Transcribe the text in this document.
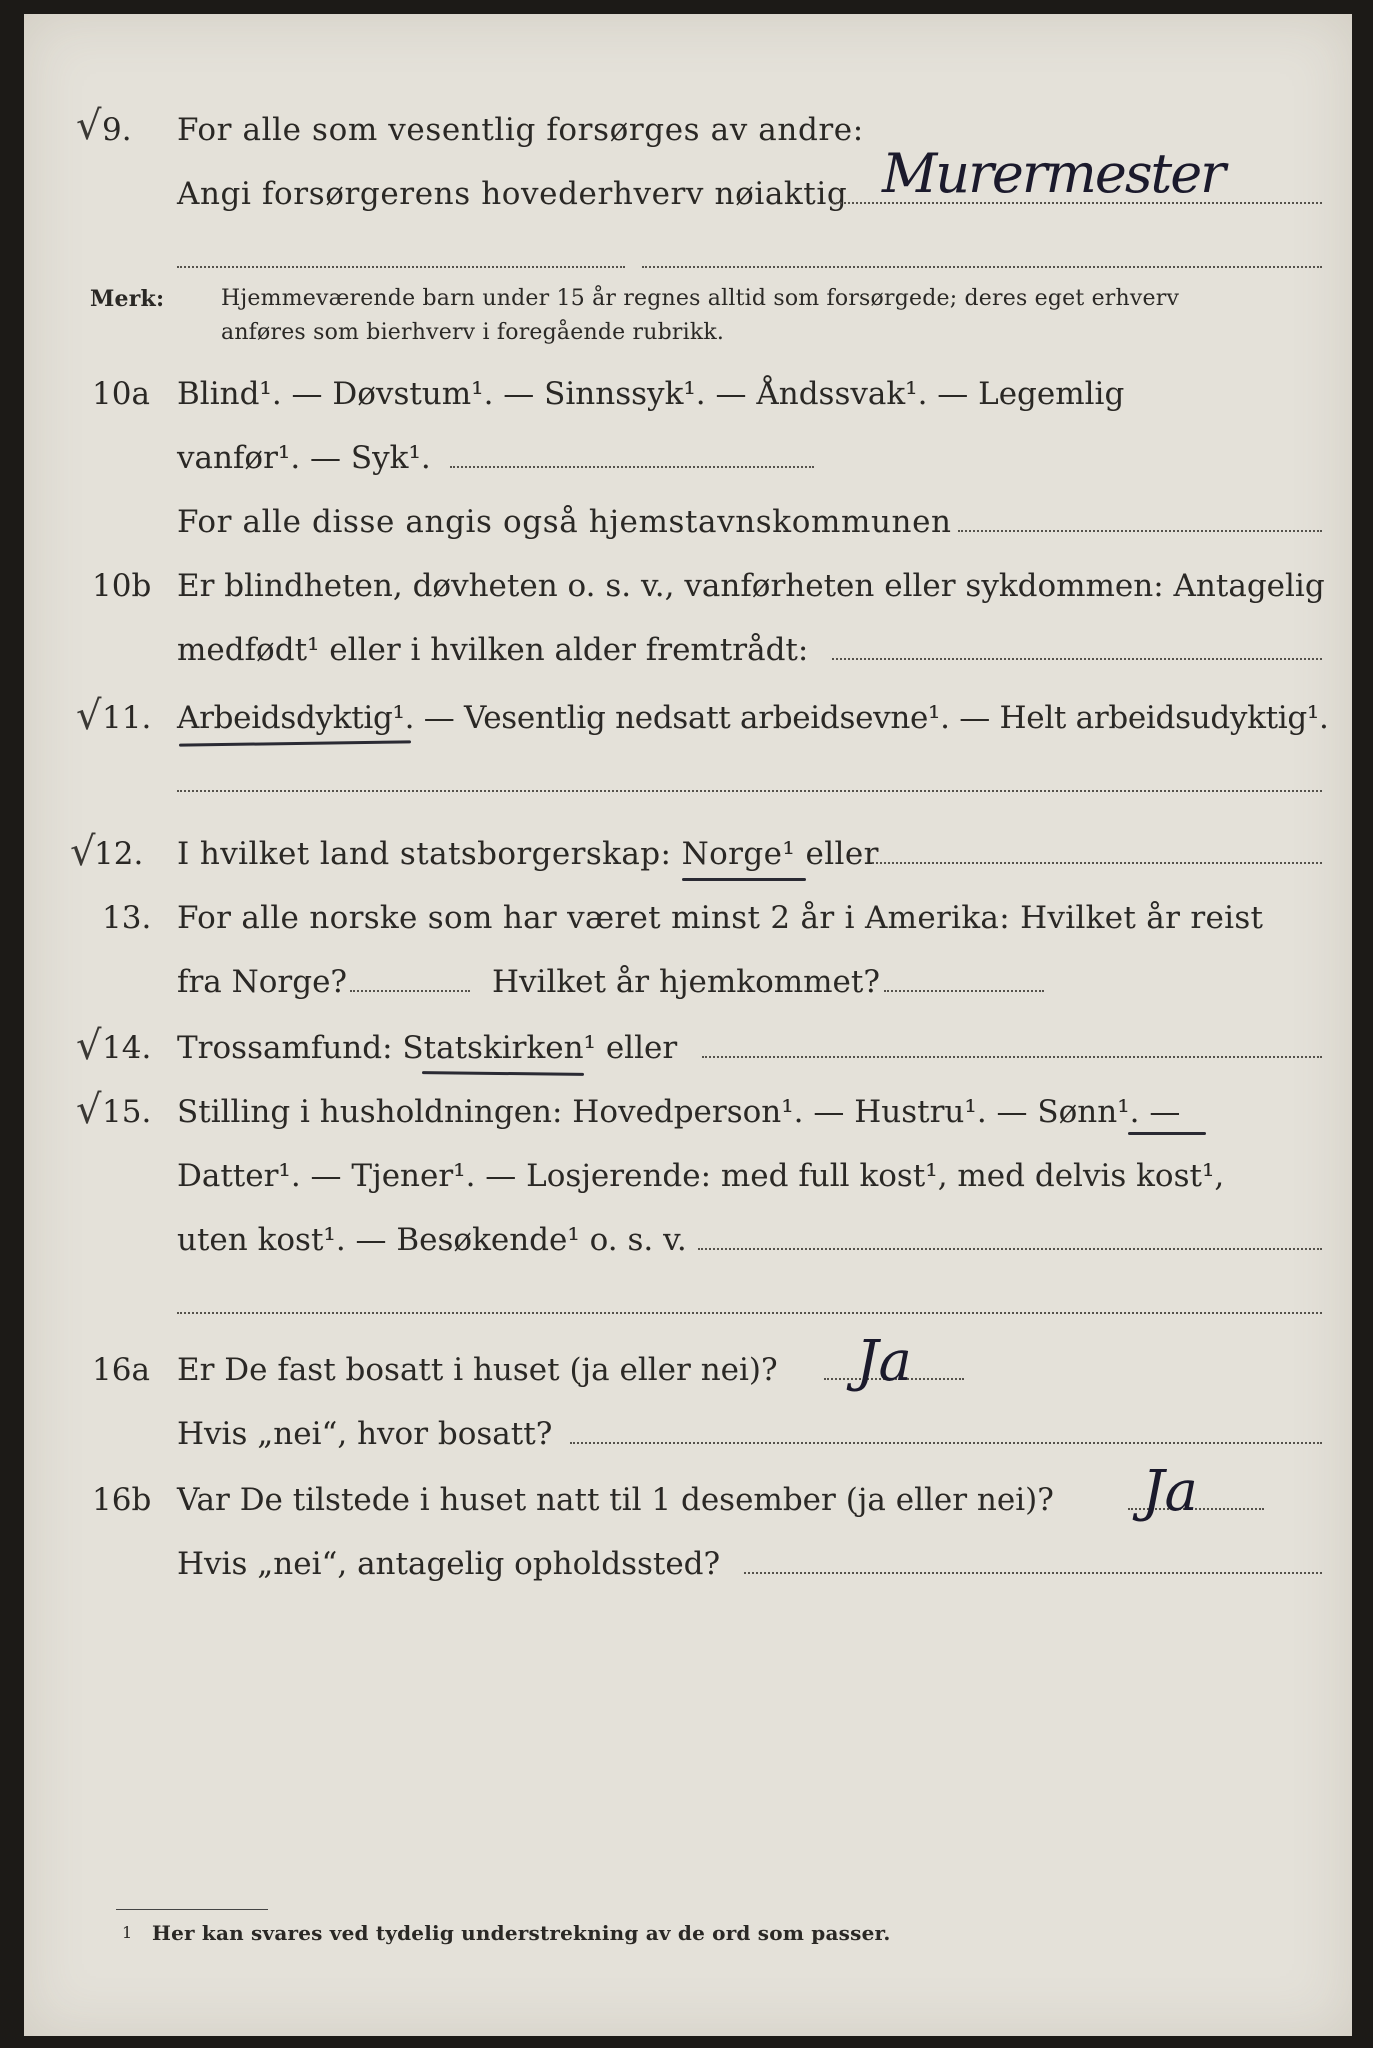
√ 9. For alle som vesentlig forsørges av andre:
Angi forsørgerens hovederhverv nøiaktig Murermester
Merk:	Hjemmeværende barn under 15 år regnes alltid som forsørgede; deres eget erhverv
anføres som bierhverv i foregående rubrikk.
10a Blind¹. — Døvstum¹. — Sinnssyk¹. — Åndssvak¹. — Legemlig
vanfør¹. — Syk¹.
For alle disse angis også hjemstavnskommunen
10b Er blindheten, døvheten o. s. v., vanførheten eller sykdommen: Antagelig
medfødt¹ eller i hvilken alder fremtrådt:
√ 11. Arbeidsdyktig¹. — Vesentlig nedsatt arbeidsevne¹. — Helt arbeidsudyktig¹.
√
12. I hvilket land statsborgerskap: Norge¹ eller
13. For alle norske som har været minst 2 år i Amerika: Hvilket år reist
fra Norge?	Hvilket år hjemkommet?
√ 14. Trossamfund: Statskirken¹ eller
√ 15. Stilling i husholdningen: Hovedperson¹. — Hustru¹. — Sønn¹. —
Datter¹. — Tjener¹. — Losjerende: med full kost¹, med delvis kost¹,
uten kost¹. — Besøkende¹ o. s. v.
16a Er De fast bosatt i huset (ja eller nei)? Ja
Hvis „nei“, hvor bosatt?
16b Var De tilstede i huset natt til 1 desember (ja eller nei)? Ja
Hvis „nei“, antagelig opholdssted?
1 Her kan svares ved tydelig understrekning av de ord som passer.
